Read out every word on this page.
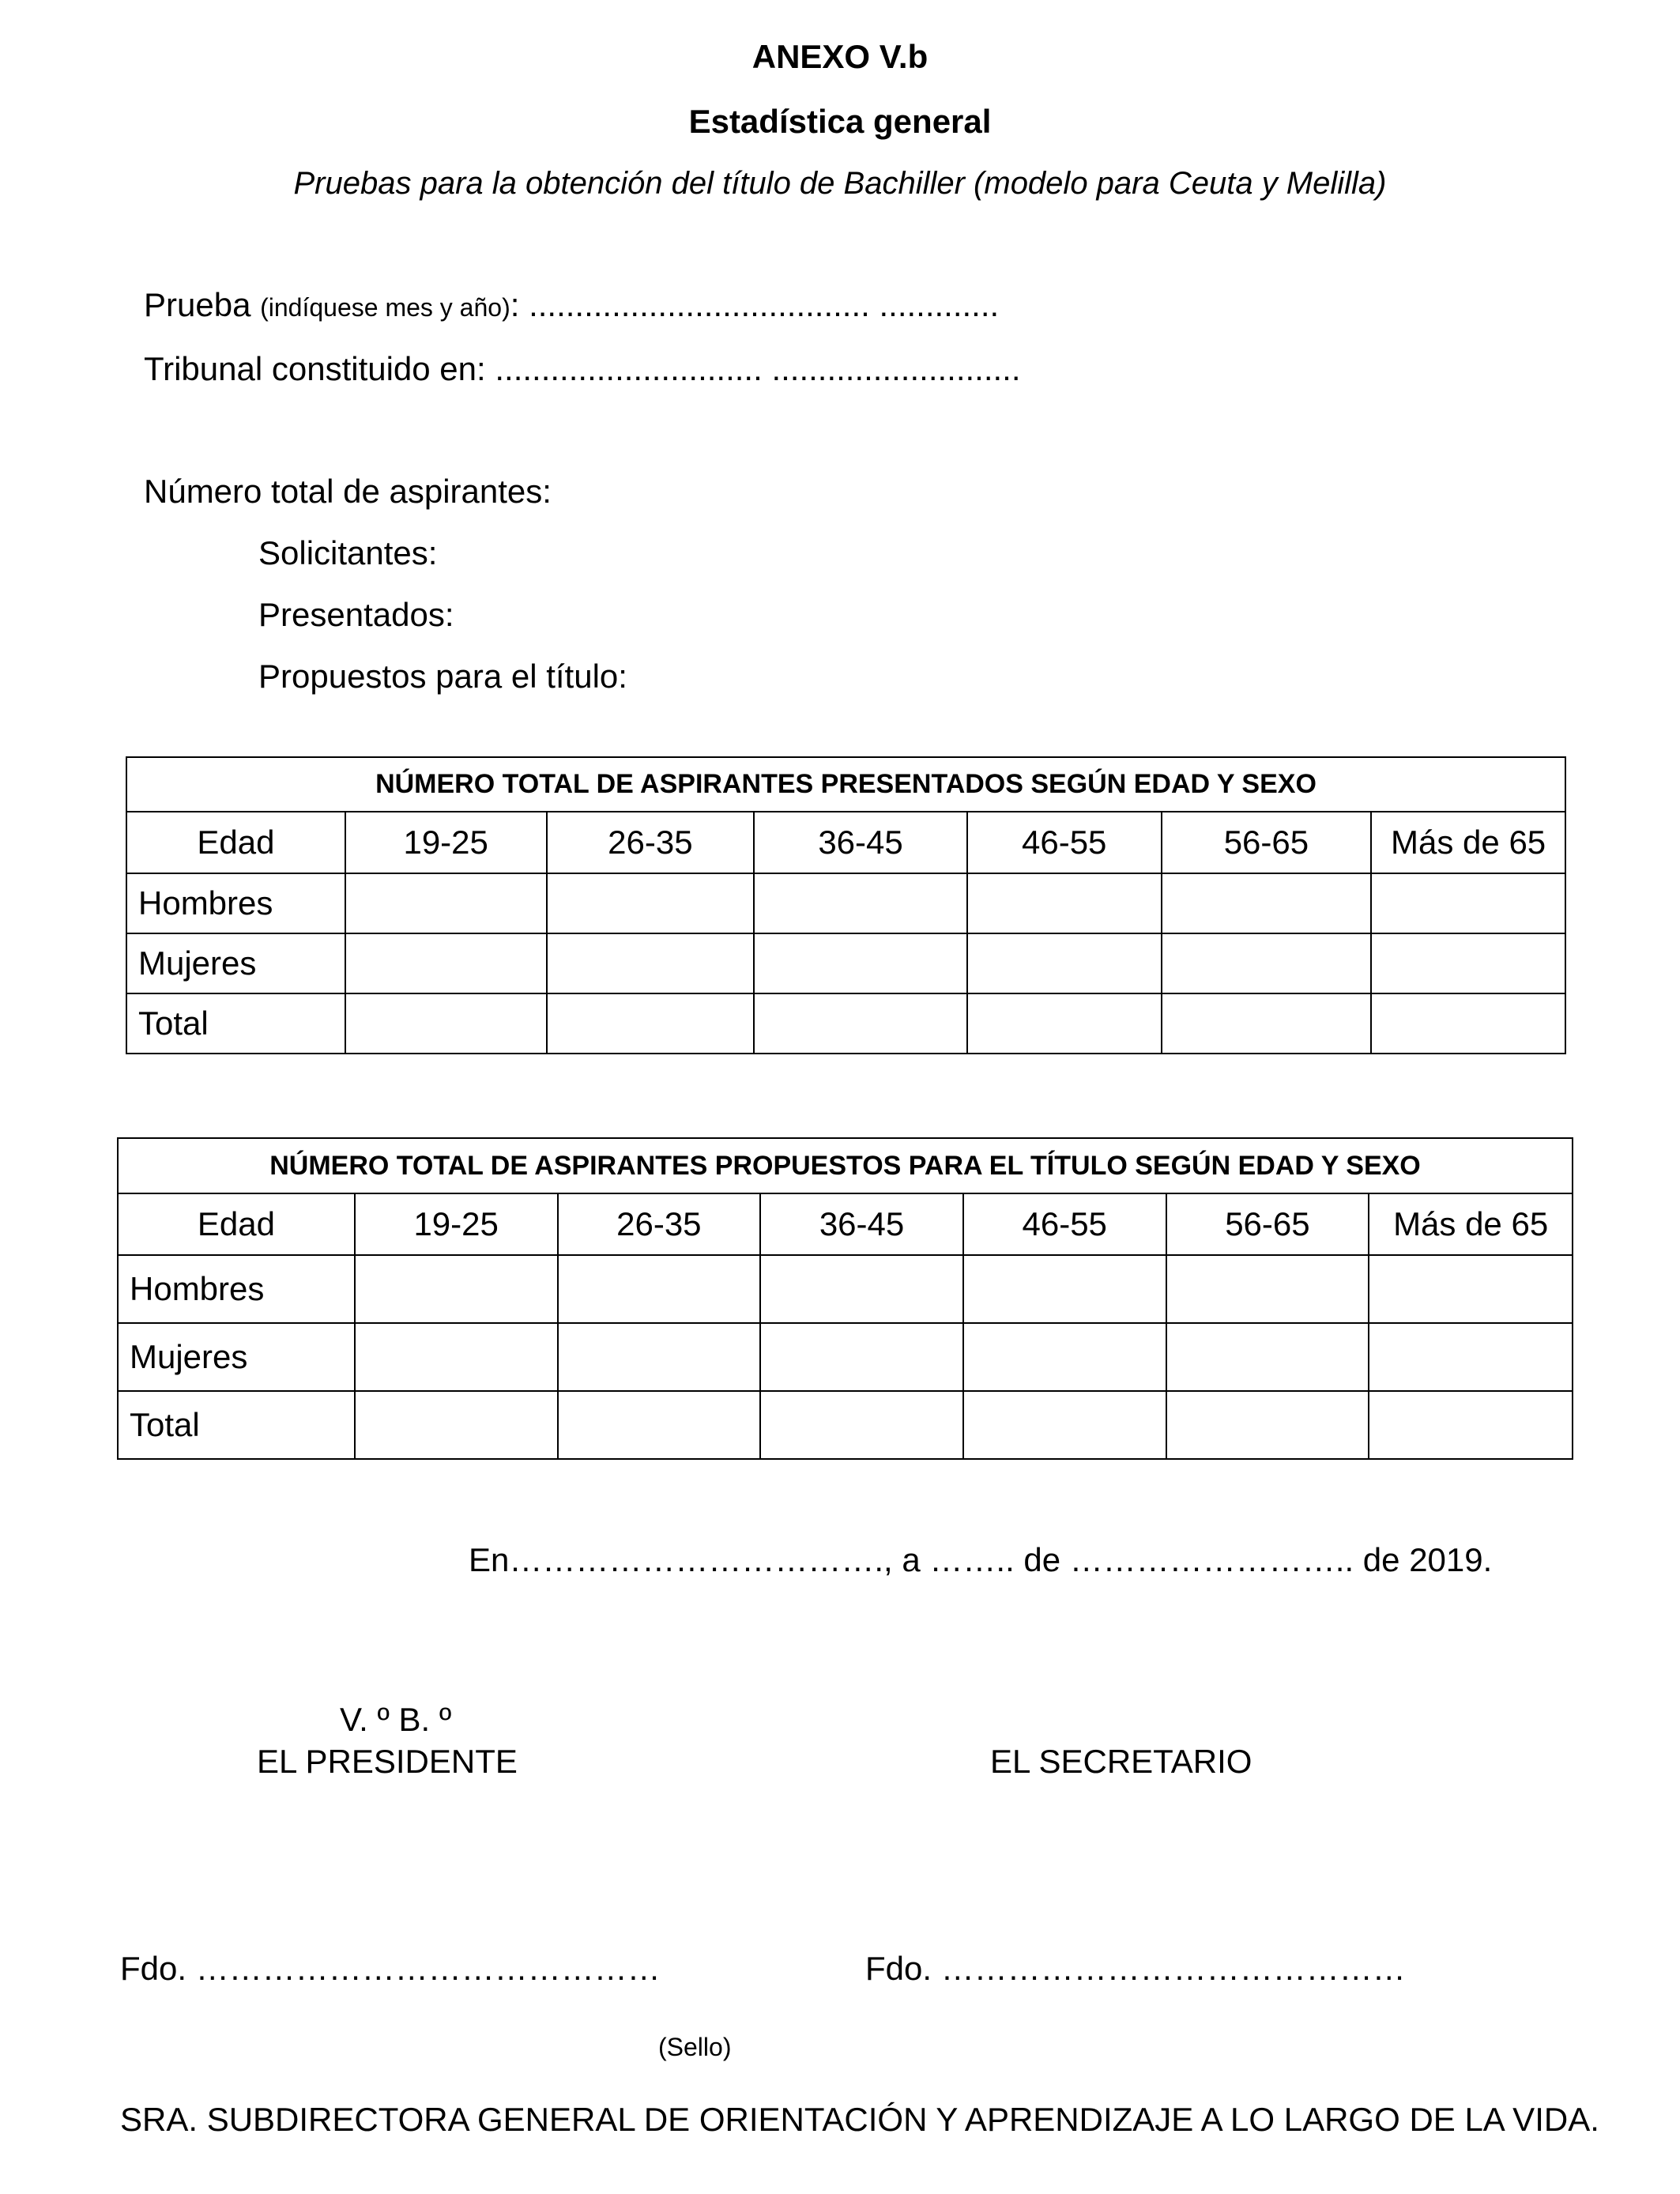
ANEXO V.b
Estadística general
Pruebas para la obtención del título de Bachiller (modelo para Ceuta y Melilla)
Prueba (indíquese mes y año): ..................................... .............
Tribunal constituido en: ............................. ...........................
Número total de aspirantes:
Solicitantes:
Presentados:
Propuestos para el título:
NÚMERO TOTAL DE ASPIRANTES PRESENTADOS SEGÚN EDAD Y SEXO						
Edad	19-25	26-35	36-45	46-55	56-65	Más de 65
Hombres						
Mujeres						
Total						
NÚMERO TOTAL DE ASPIRANTES PROPUESTOS PARA EL TÍTULO SEGÚN EDAD Y SEXO						
Edad	19-25	26-35	36-45	46-55	56-65	Más de 65
Hombres						
Mujeres						
Total						
En……………………………., a …….. de …………………….. de 2019.
V. º B. º
EL PRESIDENTE	EL SECRETARIO
Fdo. ……………………………………	Fdo. ……………………………………
(Sello)
SRA. SUBDIRECTORA GENERAL DE ORIENTACIÓN Y APRENDIZAJE A LO LARGO DE LA VIDA.
